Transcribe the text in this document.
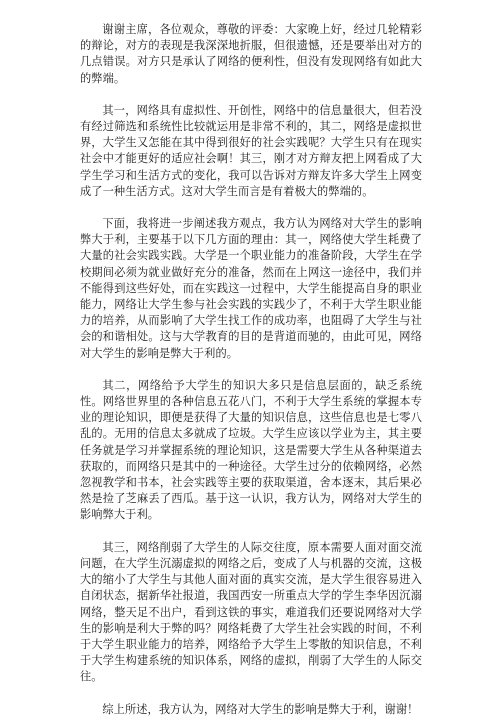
谢谢主席，各位观众，尊敬的评委：大家晚上好，经过几轮精彩的辩论，对方的表现是我深深地折服，但很遗憾，还是要举出对方的几点错误。对方只是承认了网络的便利性，但没有发现网络有如此大的弊端。

其一，网络具有虚拟性、开创性，网络中的信息量很大，但若没有经过筛选和系统性比较就运用是非常不利的，其二，网络是虚拟世界，大学生又怎能在其中得到很好的社会实践呢？大学生只有在现实社会中才能更好的适应社会啊！其三，刚才对方辩友把上网看成了大学生学习和生活方式的变化，我可以告诉对方辩友许多大学生上网变成了一种生活方式。这对大学生而言是有着极大的弊端的。

下面，我将进一步阐述我方观点，我方认为网络对大学生的影响弊大于利，主要基于以下几方面的理由：其一，网络使大学生耗费了大量的社会实践实践。大学是一个职业能力的准备阶段，大学生在学校期间必须为就业做好充分的准备，然而在上网这一途径中，我们并不能得到这些好处，而在实践这一过程中，大学生能提高自身的职业能力，网络让大学生参与社会实践的实践少了，不利于大学生职业能力的培养，从而影响了大学生找工作的成功率，也阻碍了大学生与社会的和谐相处。这与大学教育的目的是背道而驰的，由此可见，网络对大学生的影响是弊大于利的。

其二，网络给予大学生的知识大多只是信息层面的，缺乏系统性。网络世界里的各种信息五花八门，不利于大学生系统的掌握本专业的理论知识，即便是获得了大量的知识信息，这些信息也是七零八乱的。无用的信息太多就成了垃圾。大学生应该以学业为主，其主要任务就是学习并掌握系统的理论知识，这是需要大学生从各种渠道去获取的，而网络只是其中的一种途径。大学生过分的依赖网络，必然忽视教学和书本，社会实践等主要的获取渠道，舍本逐末，其后果必然是捡了芝麻丢了西瓜。基于这一认识，我方认为，网络对大学生的影响弊大于利。

其三，网络削弱了大学生的人际交往度，原本需要人面对面交流问题，在大学生沉溺虚拟的网络之后，变成了人与机器的交流，这极大的缩小了大学生与其他人面对面的真实交流，是大学生很容易进入自闭状态，据新华社报道，我国西安一所重点大学的学生李华因沉溺网络，整天足不出户，看到这铁的事实，难道我们还要说网络对大学生的影响是利大于弊的吗？网络耗费了大学生社会实践的时间，不利于大学生职业能力的培养，网络给予大学生上零散的知识信息，不利于大学生构建系统的知识体系，网络的虚拟，削弱了大学生的人际交往。

综上所述，我方认为，网络对大学生的影响是弊大于利，谢谢！
